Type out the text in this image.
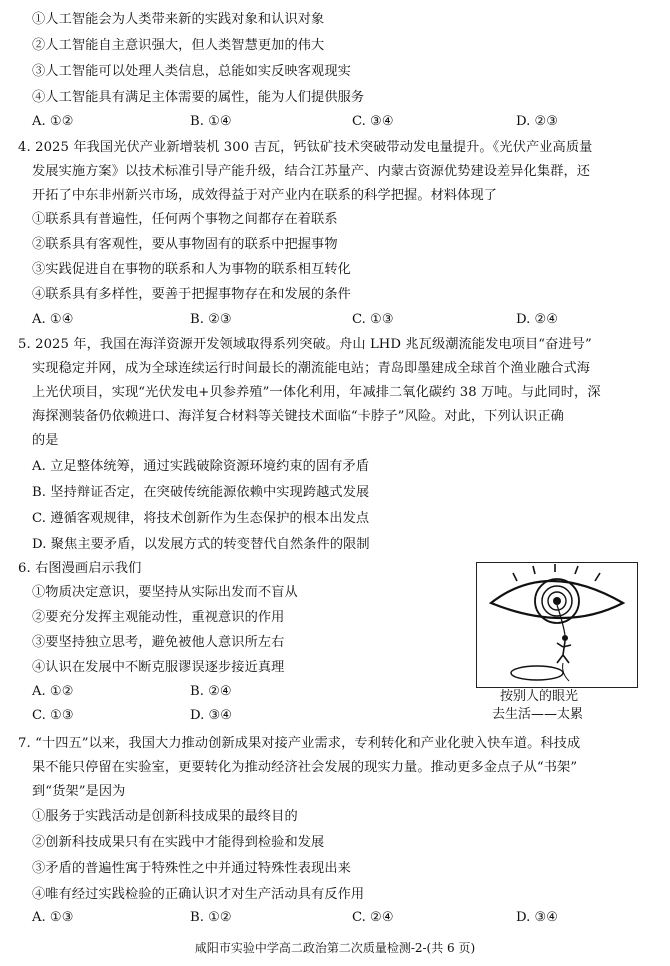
①人工智能会为人类带来新的实践对象和认识对象
②人工智能自主意识强大，但人类智慧更加的伟大
③人工智能可以处理人类信息，总能如实反映客观现实
④人工智能具有满足主体需要的属性，能为人们提供服务
A. ①②	B. ①④	C. ③④	D. ②③
4. 2025 年我国光伏产业新增装机 300 吉瓦，钙钛矿技术突破带动发电量提升。《光伏产业高质量
发展实施方案》以技术标准引导产能升级，结合江苏量产、内蒙古资源优势建设差异化集群，还
开拓了中东非州新兴市场，成效得益于对产业内在联系的科学把握。材料体现了
①联系具有普遍性，任何两个事物之间都存在着联系
②联系具有客观性，要从事物固有的联系中把握事物
③实践促进自在事物的联系和人为事物的联系相互转化
④联系具有多样性，要善于把握事物存在和发展的条件
A. ①④	B. ②③	C. ①③	D. ②④
5. 2025 年，我国在海洋资源开发领域取得系列突破。舟山 LHD 兆瓦级潮流能发电项目“奋进号”
实现稳定并网，成为全球连续运行时间最长的潮流能电站；青岛即墨建成全球首个渔业融合式海
上光伏项目，实现“光伏发电+贝参养殖”一体化利用，年减排二氧化碳约 38 万吨。与此同时，深
海探测装备仍依赖进口、海洋复合材料等关键技术面临“卡脖子”风险。对此，下列认识正确
的是
A. 立足整体统筹，通过实践破除资源环境约束的固有矛盾
B. 坚持辩证否定，在突破传统能源依赖中实现跨越式发展
C. 遵循客观规律，将技术创新作为生态保护的根本出发点
D. 聚焦主要矛盾，以发展方式的转变替代自然条件的限制
6. 右图漫画启示我们
①物质决定意识，要坚持从实际出发而不盲从
②要充分发挥主观能动性，重视意识的作用
③要坚持独立思考，避免被他人意识所左右
④认识在发展中不断克服谬误逐步接近真理
A. ①②	B. ②④
C. ①③	D. ③④
按别人的眼光
去生活——太累
7. “十四五”以来，我国大力推动创新成果对接产业需求，专利转化和产业化驶入快车道。科技成
果不能只停留在实验室，更要转化为推动经济社会发展的现实力量。推动更多金点子从“书架”
到“货架”是因为
①服务于实践活动是创新科技成果的最终目的
②创新科技成果只有在实践中才能得到检验和发展
③矛盾的普遍性寓于特殊性之中并通过特殊性表现出来
④唯有经过实践检验的正确认识才对生产活动具有反作用
A. ①③	B. ①②	C. ②④	D. ③④
咸阳市实验中学高二政治第二次质量检测-2-(共 6 页)
